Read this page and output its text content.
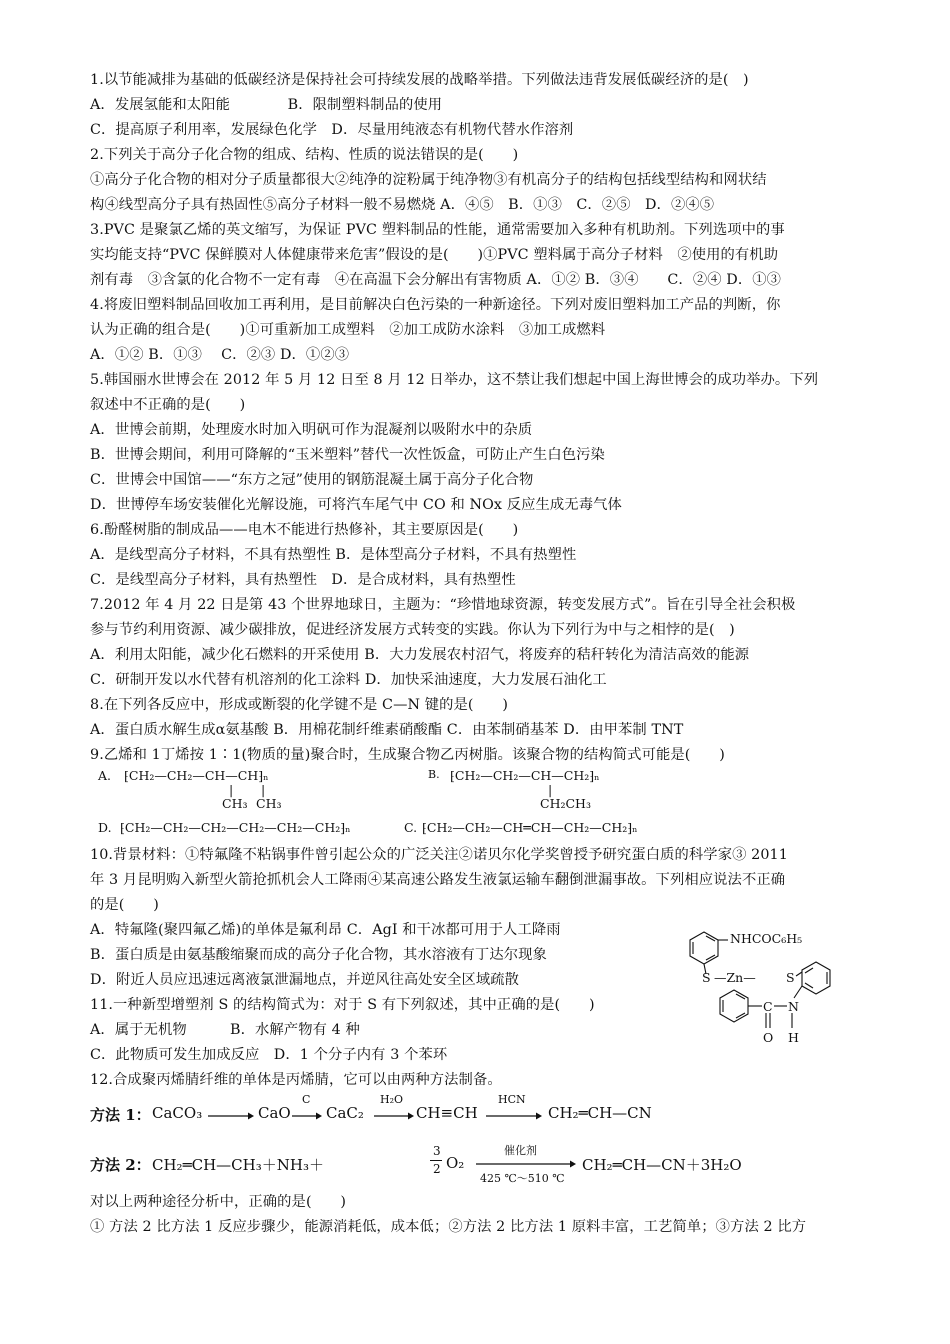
1.以节能减排为基础的低碳经济是保持社会可持续发展的战略举措。下列做法违背发展低碳经济的是(　)
A．发展氢能和太阳能　　　　B．限制塑料制品的使用
C．提高原子利用率，发展绿色化学　D．尽量用纯液态有机物代替水作溶剂
2.下列关于高分子化合物的组成、结构、性质的说法错误的是(　　)
①高分子化合物的相对分子质量都很大②纯净的淀粉属于纯净物③有机高分子的结构包括线型结构和网状结
构④线型高分子具有热固性⑤高分子材料一般不易燃烧 A．④⑤　B．①③　C．②⑤　D．②④⑤
3.PVC 是聚氯乙烯的英文缩写，为保证 PVC 塑料制品的性能，通常需要加入多种有机助剂。下列选项中的事
实均能支持“PVC 保鲜膜对人体健康带来危害”假设的是(　　)①PVC 塑料属于高分子材料　②使用的有机助
剂有毒　③含氯的化合物不一定有毒　④在高温下会分解出有害物质 A．①② B．③④　　C．②④ D．①③
4.将废旧塑料制品回收加工再利用，是目前解决白色污染的一种新途径。下列对废旧塑料加工产品的判断，你
认为正确的组合是(　　)①可重新加工成塑料　②加工成防水涂料　③加工成燃料
A．①② B．①③　 C．②③ D．①②③
5.韩国丽水世博会在 2012 年 5 月 12 日至 8 月 12 日举办，这不禁让我们想起中国上海世博会的成功举办。下列
叙述中不正确的是(　　)
A．世博会前期，处理废水时加入明矾可作为混凝剂以吸附水中的杂质
B．世博会期间，利用可降解的“玉米塑料”替代一次性饭盒，可防止产生白色污染
C．世博会中国馆——“东方之冠”使用的钢筋混凝土属于高分子化合物
D．世博停车场安装催化光解设施，可将汽车尾气中 CO 和 NOx 反应生成无毒气体
6.酚醛树脂的制成品——电木不能进行热修补，其主要原因是(　　)
A．是线型高分子材料，不具有热塑性 B．是体型高分子材料，不具有热塑性
C．是线型高分子材料，具有热塑性　D．是合成材料，具有热塑性
7.2012 年 4 月 22 日是第 43 个世界地球日，主题为：“珍惜地球资源，转变发展方式”。旨在引导全社会积极
参与节约利用资源、减少碳排放，促进经济发展方式转变的实践。你认为下列行为中与之相悖的是(　)
A．利用太阳能，减少化石燃料的开采使用 B．大力发展农村沼气，将废弃的秸秆转化为清洁高效的能源
C．研制开发以水代替有机溶剂的化工涂料 D．加快采油速度，大力发展石油化工
8.在下列各反应中，形成或断裂的化学键不是 C—N 键的是(　　)
A．蛋白质水解生成α氨基酸 B．用棉花制纤维素硝酸酯 C．由苯制硝基苯 D．由甲苯制 TNT
9.乙烯和 1丁烯按 1∶1(物质的量)聚合时，生成聚合物乙丙树脂。该聚合物的结构简式可能是(　　)
A. ⁅CH₂—CH₂—CH—CH⁆ₙ
| |
CH₃ CH₃
B. ⁅CH₂—CH₂—CH—CH₂⁆ₙ
|
CH₂CH₃
D. ⁅CH₂—CH₂—CH₂—CH₂—CH₂—CH₂⁆ₙ	C. ⁅CH₂—CH₂—CH═CH—CH₂—CH₂⁆ₙ
10.背景材料：①特氟隆不粘锅事件曾引起公众的广泛关注②诺贝尔化学奖曾授予研究蛋白质的科学家③ 2011
年 3 月昆明购入新型火箭抢抓机会人工降雨④某高速公路发生液氯运输车翻倒泄漏事故。下列相应说法不正确
的是(　　)
A．特氟隆(聚四氟乙烯)的单体是氟利昂 C．AgI 和干冰都可用于人工降雨
B．蛋白质是由氨基酸缩聚而成的高分子化合物，其水溶液有丁达尔现象
D．附近人员应迅速远离液氯泄漏地点，并逆风往高处安全区域疏散
11.一种新型增塑剂 S 的结构简式为：对于 S 有下列叙述，其中正确的是(　　)
A．属于无机物　　　B．水解产物有 4 种
C．此物质可发生加成反应　D．1 个分子内有 3 个苯环
12.合成聚丙烯腈纤维的单体是丙烯腈，它可以由两种方法制备。
NHCOC₆H₅
S —Zn— S
C N
O H
方法 1： CaCO₃	CaO
C
CaC₂
H₂O
CH≡CH
HCN
CH₂═CH—CN
方法 2： CH₂═CH—CH₃＋NH₃＋
3
2 O₂
催化剂
425 ℃～510 ℃
CH₂═CH—CN＋3H₂O
对以上两种途径分析中，正确的是(　　)
① 方法 2 比方法 1 反应步骤少，能源消耗低，成本低；②方法 2 比方法 1 原料丰富，工艺简单；③方法 2 比方
